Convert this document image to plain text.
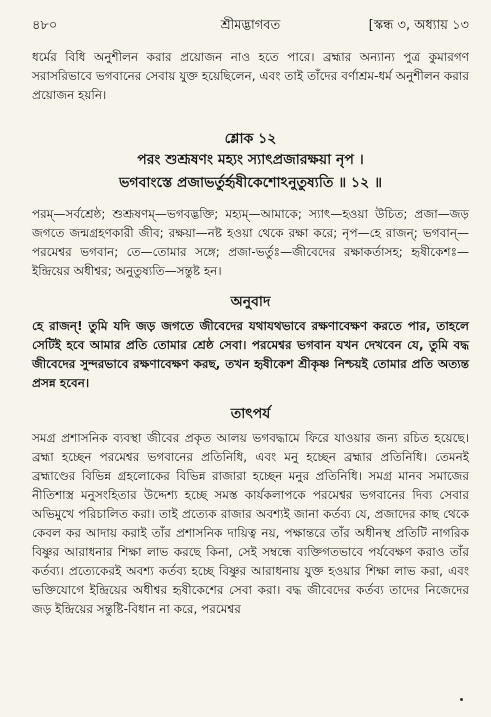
৪৮০	শ্রীমদ্ভাগবত	[স্কন্ধ ৩, অধ্যায় ১৩

ধর্মের বিধি অনুশীলন করার প্রয়োজন নাও হতে পারে। ব্রহ্মার অন্যান্য পুত্র কুমারগণ সরাসরিভাবে ভগবানের সেবায় যুক্ত হয়েছিলেন, এবং তাই তাঁদের বর্ণাশ্রম-ধর্ম অনুশীলন করার প্রয়োজন হয়নি।

শ্লোক ১২
পরং শুশ্রূষণং মহ্যং স্যাৎপ্রজারক্ষয়া নৃপ ।
ভগবাংস্তে প্রজাভর্তুর্হৃষীকেশোঽনুতুষ্যতি ॥ ১২ ॥

পরম্—সর্বশ্রেষ্ঠ; শুশ্রূষণম্—ভগবদ্ভক্তি; মহ্যম্—আমাকে; স্যাৎ—হওয়া উচিত; প্রজা—জড় জগতে জন্মগ্রহণকারী জীব; রক্ষয়া—নষ্ট হওয়া থেকে রক্ষা করে; নৃপ—হে রাজন্; ভগবান্—পরমেশ্বর ভগবান; তে—তোমার সঙ্গে; প্রজা-ভর্তুঃ—জীবেদের রক্ষাকর্তাসহ; হৃষীকেশঃ—ইন্দ্রিয়ের অধীশ্বর; অনুতুষ্যতি—সন্তুষ্ট হন।

অনুবাদ

হে রাজন্! তুমি যদি জড় জগতে জীবেদের যথাযথভাবে রক্ষণাবেক্ষণ করতে পার, তাহলে সেটিই হবে আমার প্রতি তোমার শ্রেষ্ঠ সেবা। পরমেশ্বর ভগবান যখন দেখবেন যে, তুমি বদ্ধ জীবেদের সুন্দরভাবে রক্ষণাবেক্ষণ করছ, তখন হৃষীকেশ শ্রীকৃষ্ণ নিশ্চয়ই তোমার প্রতি অত্যন্ত প্রসন্ন হবেন।

তাৎপর্য

সমগ্র প্রশাসনিক ব্যবস্থা জীবের প্রকৃত আলয় ভগবদ্ধামে ফিরে যাওয়ার জন্য রচিত হয়েছে। ব্রহ্মা হচ্ছেন পরমেশ্বর ভগবানের প্রতিনিধি, এবং মনু হচ্ছেন ব্রহ্মার প্রতিনিধি। তেমনই ব্রহ্মাণ্ডের বিভিন্ন গ্রহলোকের বিভিন্ন রাজারা হচ্ছেন মনুর প্রতিনিধি। সমগ্র মানব সমাজের নীতিশাস্ত্র মনুসংহিতার উদ্দেশ্য হচ্ছে সমস্ত কার্যকলাপকে পরমেশ্বর ভগবানের দিব্য সেবার অভিমুখে পরিচালিত করা। তাই প্রত্যেক রাজার অবশ্যই জানা কর্তব্য যে, প্রজাদের কাছ থেকে কেবল কর আদায় করাই তাঁর প্রশাসনিক দায়িত্ব নয়, পক্ষান্তরে তাঁর অধীনস্থ প্রতিটি নাগরিক বিষ্ণুর আরাধনার শিক্ষা লাভ করছে কিনা, সেই সম্বন্ধে ব্যক্তিগতভাবে পর্যবেক্ষণ করাও তাঁর কর্তব্য। প্রত্যেকেরই অবশ্য কর্তব্য হচ্ছে বিষ্ণুর আরাধনায় যুক্ত হওয়ার শিক্ষা লাভ করা, এবং ভক্তিযোগে ইন্দ্রিয়ের অধীশ্বর হৃষীকেশের সেবা করা। বদ্ধ জীবেদের কর্তব্য তাদের নিজেদের জড় ইন্দ্রিয়ের সন্তুষ্টি-বিধান না করে, পরমেশ্বর
